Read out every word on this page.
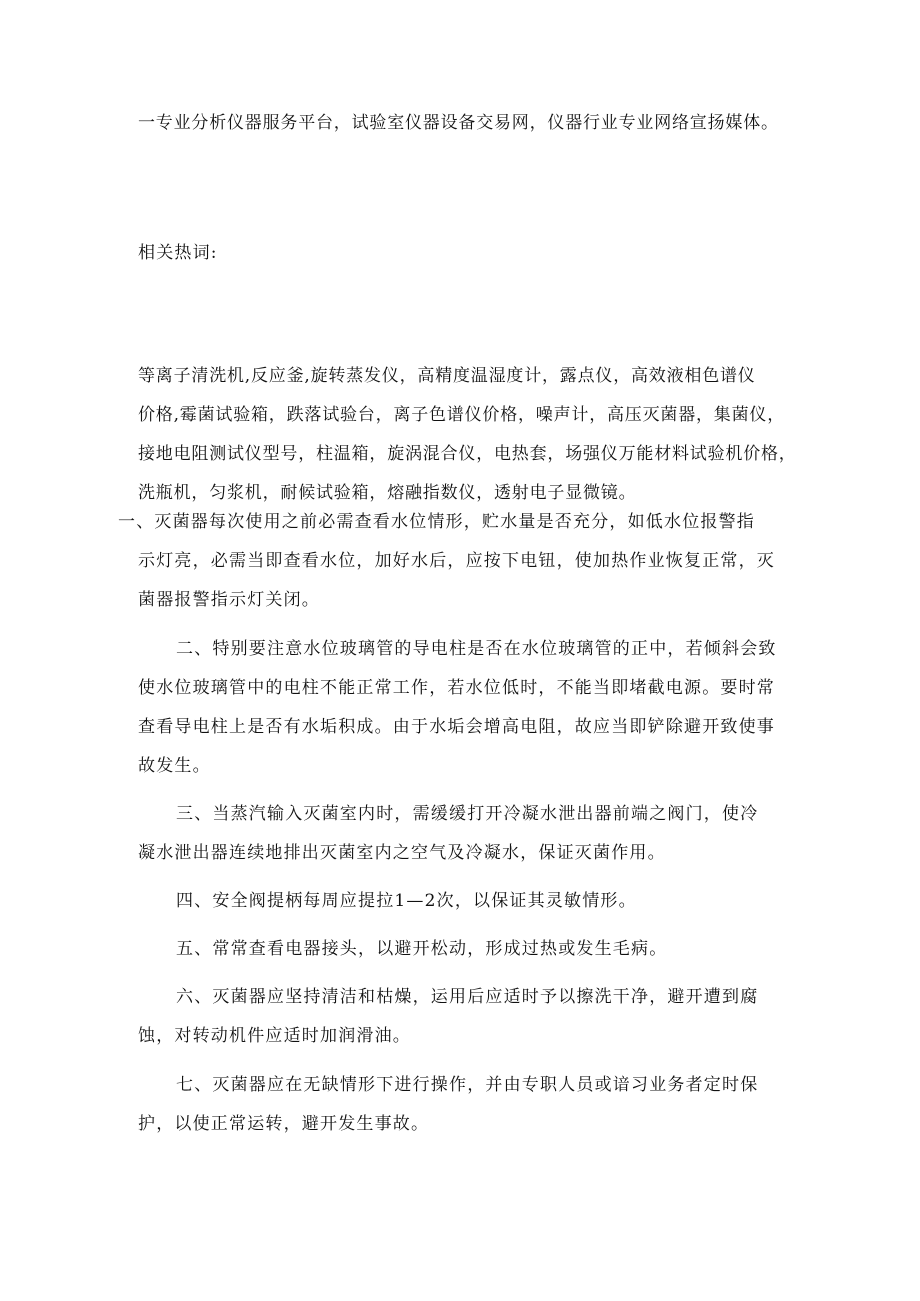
一专业分析仪器服务平台，试验室仪器设备交易网，仪器行业专业网络宣扬媒体。
相关热词:
等离子清洗机,反应釜,旋转蒸发仪，高精度温湿度计，露点仪，高效液相色谱仪
价格,霉菌试验箱，跌落试验台，离子色谱仪价格，噪声计，高压灭菌器，集菌仪，
接地电阻测试仪型号，柱温箱，旋涡混合仪，电热套，场强仪万能材料试验机价格，
洗瓶机，匀浆机，耐候试验箱，熔融指数仪，透射电子显微镜。
一、灭菌器每次使用之前必需查看水位情形，贮水量是否充分，如低水位报警指
示灯亮，必需当即查看水位，加好水后，应按下电钮，使加热作业恢复正常，灭
菌器报警指示灯关闭。
二、特别要注意水位玻璃管的导电柱是否在水位玻璃管的正中，若倾斜会致
使水位玻璃管中的电柱不能正常工作，若水位低时，不能当即堵截电源。要时常
查看导电柱上是否有水垢积成。由于水垢会增高电阻，故应当即铲除避开致使事
故发生。
三、当蒸汽输入灭菌室内时，需缓缓打开冷凝水泄出器前端之阀门，使冷
凝水泄出器连续地排出灭菌室内之空气及冷凝水，保证灭菌作用。
四、安全阀提柄每周应提拉1—2次，以保证其灵敏情形。
五、常常查看电器接头，以避开松动，形成过热或发生毛病。
六、灭菌器应坚持清洁和枯燥，运用后应适时予以擦洗干净，避开遭到腐
蚀，对转动机件应适时加润滑油。
七、灭菌器应在无缺情形下进行操作，并由专职人员或谙习业务者定时保
护，以使正常运转，避开发生事故。
